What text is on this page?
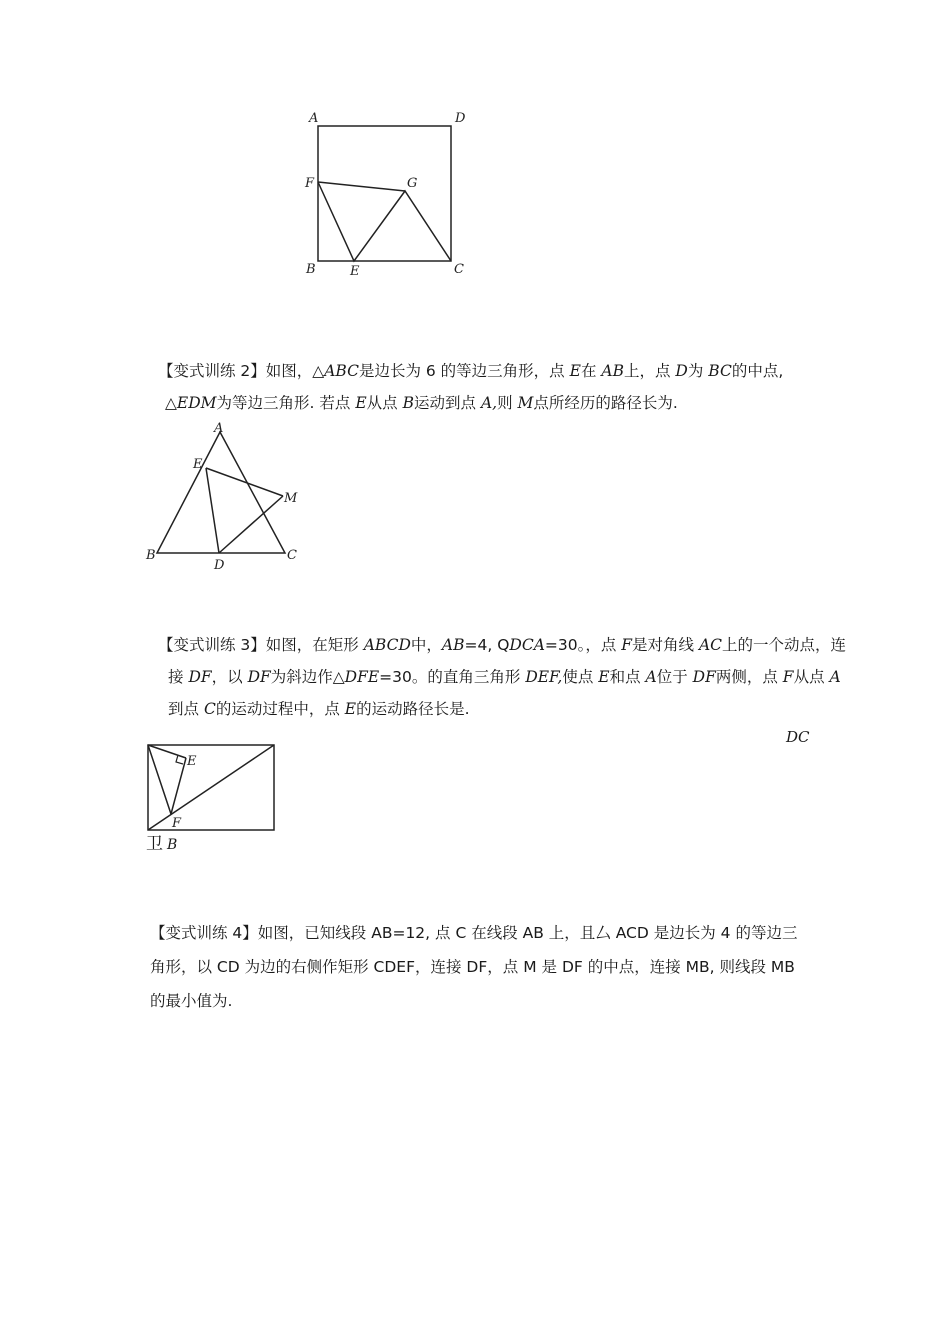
A	D
F	G
B	E	C
【变式训练 2】如图，△ABC是边长为 6 的等边三角形，点 E在 AB上，点 D为 BC的中点,
△EDM为等边三角形. 若点 E从点 B运动到点 A,则 M点所经历的路径长为.
A
E
M
B
D
C
【变式训练 3】如图，在矩形 ABCD中，AB=4, QDCA=30。，点 F是对角线 AC上的一个动点，连
接 DF，以 DF为斜边作△DFE=30。的直角三角形 DEF,使点 E和点 A位于 DF两侧，点 F从点 A
到点 C的运动过程中，点 E的运动路径长是.
DC
E
F
卫 B
【变式训练 4】如图，已知线段 AB=12, 点 C 在线段 AB 上，且厶 ACD 是边长为 4 的等边三
角形，以 CD 为边的右侧作矩形 CDEF，连接 DF，点 M 是 DF 的中点，连接 MB, 则线段 MB
的最小值为.
